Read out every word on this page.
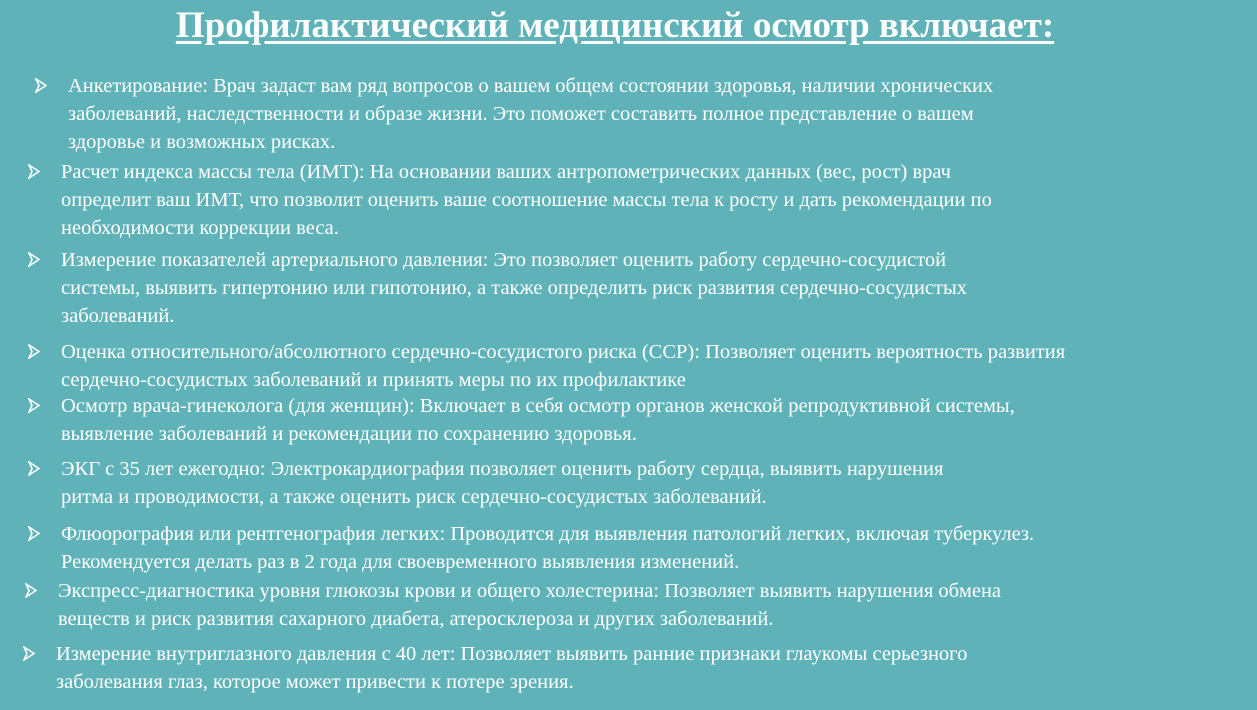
Профилактический медицинский осмотр включает:
Анкетирование: Врач задаст вам ряд вопросов о вашем общем состоянии здоровья, наличии хронических
заболеваний, наследственности и образе жизни. Это поможет составить полное представление о вашем
здоровье и возможных рисках.
Расчет индекса массы тела (ИМТ): На основании ваших антропометрических данных (вес, рост) врач
определит ваш ИМТ, что позволит оценить ваше соотношение массы тела к росту и дать рекомендации по
необходимости коррекции веса.
Измерение показателей артериального давления: Это позволяет оценить работу сердечно-сосудистой
системы, выявить гипертонию или гипотонию, а также определить риск развития сердечно-сосудистых
заболеваний.
Оценка относительного/абсолютного сердечно-сосудистого риска (ССР): Позволяет оценить вероятность развития
сердечно-сосудистых заболеваний и принять меры по их профилактике
Осмотр врача-гинеколога (для женщин): Включает в себя осмотр органов женской репродуктивной системы,
выявление заболеваний и рекомендации по сохранению здоровья.
ЭКГ с 35 лет ежегодно: Электрокардиография позволяет оценить работу сердца, выявить нарушения
ритма и проводимости, а также оценить риск сердечно-сосудистых заболеваний.
Флюорография или рентгенография легких: Проводится для выявления патологий легких, включая туберкулез.
Рекомендуется делать раз в 2 года для своевременного выявления изменений.
Экспресс-диагностика уровня глюкозы крови и общего холестерина: Позволяет выявить нарушения обмена
веществ и риск развития сахарного диабета, атеросклероза и других заболеваний.
Измерение внутриглазного давления с 40 лет: Позволяет выявить ранние признаки глаукомы серьезного
заболевания глаз, которое может привести к потере зрения.
